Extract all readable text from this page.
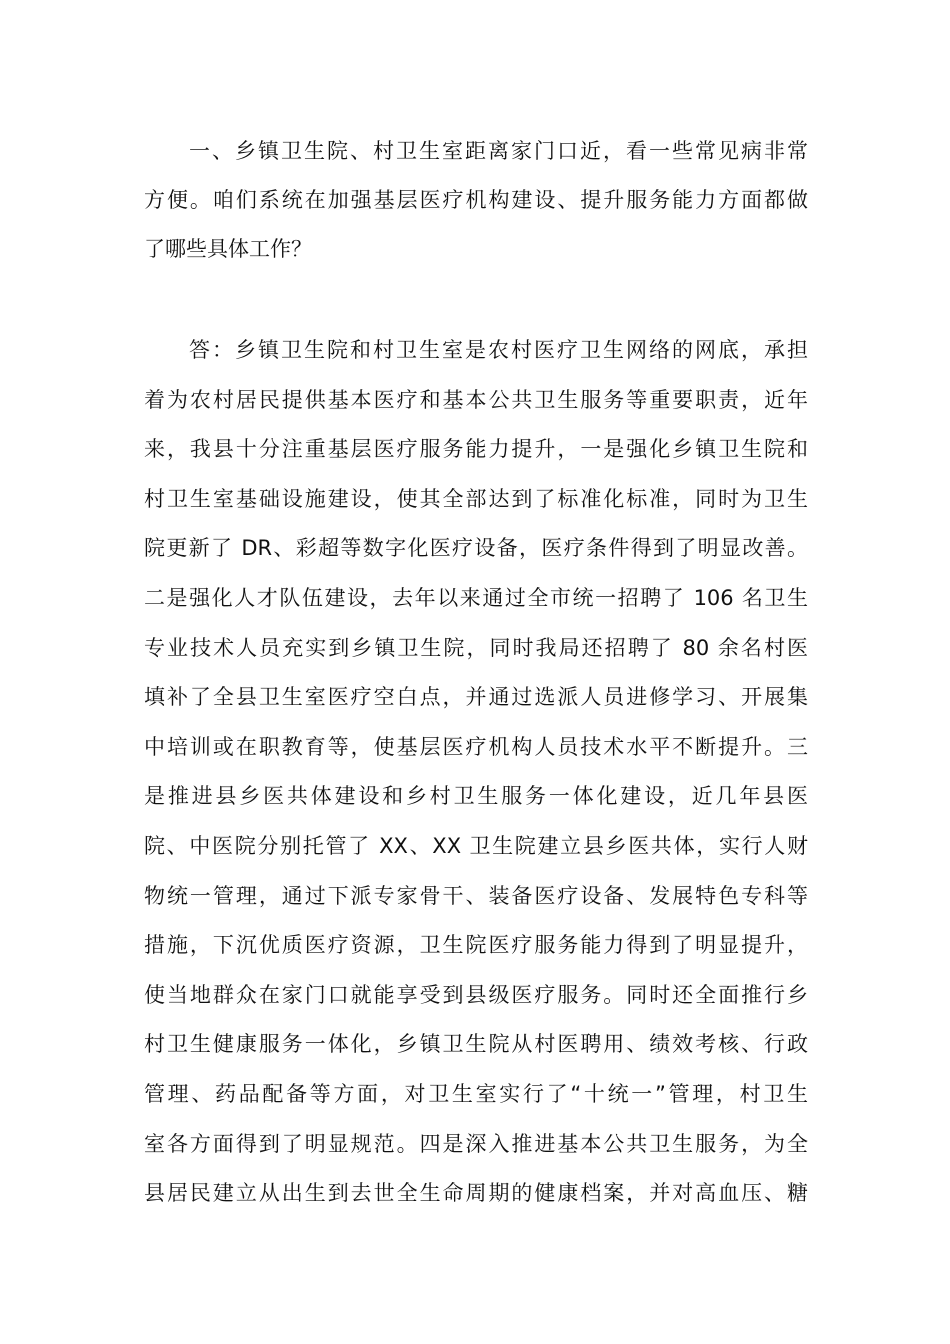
一、乡镇卫生院、村卫生室距离家门口近，看一些常见病非常
方便。咱们系统在加强基层医疗机构建设、提升服务能力方面都做
了哪些具体工作？
答：乡镇卫生院和村卫生室是农村医疗卫生网络的网底，承担
着为农村居民提供基本医疗和基本公共卫生服务等重要职责，近年
来，我县十分注重基层医疗服务能力提升，一是强化乡镇卫生院和
村卫生室基础设施建设，使其全部达到了标准化标准，同时为卫生
院更新了 DR、彩超等数字化医疗设备，医疗条件得到了明显改善。
二是强化人才队伍建设，去年以来通过全市统一招聘了 106 名卫生
专业技术人员充实到乡镇卫生院，同时我局还招聘了 80 余名村医
填补了全县卫生室医疗空白点，并通过选派人员进修学习、开展集
中培训或在职教育等，使基层医疗机构人员技术水平不断提升。三
是推进县乡医共体建设和乡村卫生服务一体化建设，近几年县医
院、中医院分别托管了 XX、XX 卫生院建立县乡医共体，实行人财
物统一管理，通过下派专家骨干、装备医疗设备、发展特色专科等
措施，下沉优质医疗资源，卫生院医疗服务能力得到了明显提升，
使当地群众在家门口就能享受到县级医疗服务。同时还全面推行乡
村卫生健康服务一体化，乡镇卫生院从村医聘用、绩效考核、行政
管理、药品配备等方面，对卫生室实行了“十统一”管理，村卫生
室各方面得到了明显规范。四是深入推进基本公共卫生服务，为全
县居民建立从出生到去世全生命周期的健康档案，并对高血压、糖
